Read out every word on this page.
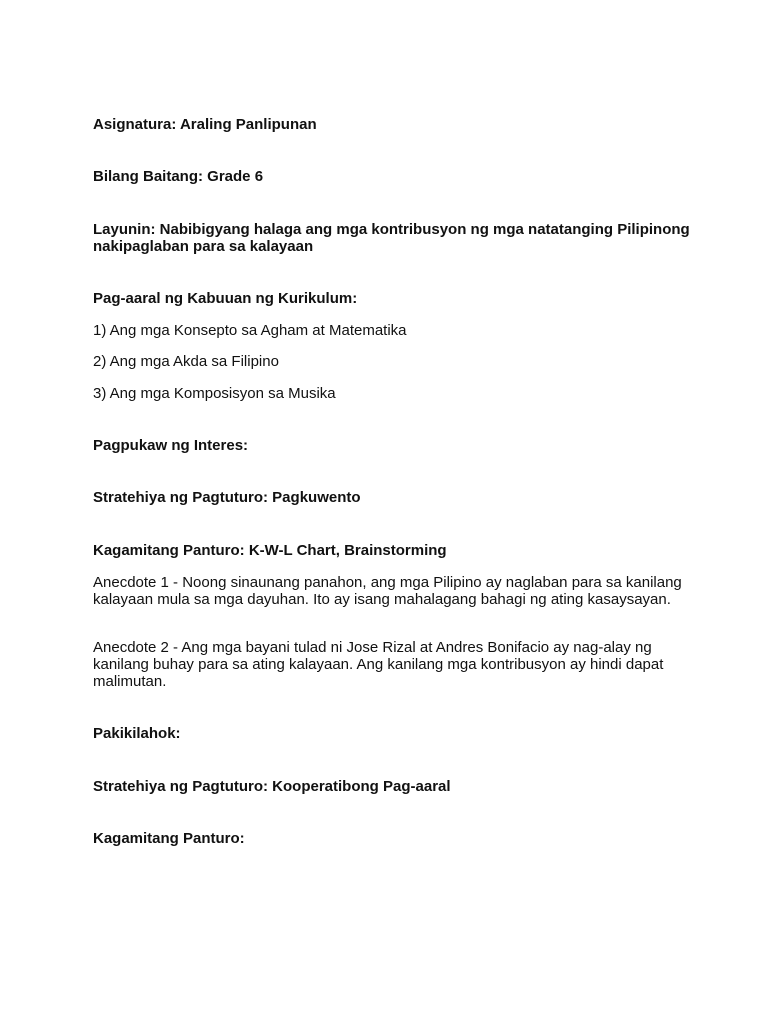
Asignatura: Araling Panlipunan

Bilang Baitang: Grade 6

Layunin: Nabibigyang halaga ang mga kontribusyon ng mga natatanging Pilipinong nakipaglaban para sa kalayaan

Pag-aaral ng Kabuuan ng Kurikulum:

1) Ang mga Konsepto sa Agham at Matematika

2) Ang mga Akda sa Filipino

3) Ang mga Komposisyon sa Musika

Pagpukaw ng Interes:

Stratehiya ng Pagtuturo: Pagkuwento

Kagamitang Panturo: K-W-L Chart, Brainstorming

Anecdote 1 - Noong sinaunang panahon, ang mga Pilipino ay naglaban para sa kanilang kalayaan mula sa mga dayuhan. Ito ay isang mahalagang bahagi ng ating kasaysayan.

Anecdote 2 - Ang mga bayani tulad ni Jose Rizal at Andres Bonifacio ay nag-alay ng kanilang buhay para sa ating kalayaan. Ang kanilang mga kontribusyon ay hindi dapat malimutan.

Pakikilahok:

Stratehiya ng Pagtuturo: Kooperatibong Pag-aaral

Kagamitang Panturo:
